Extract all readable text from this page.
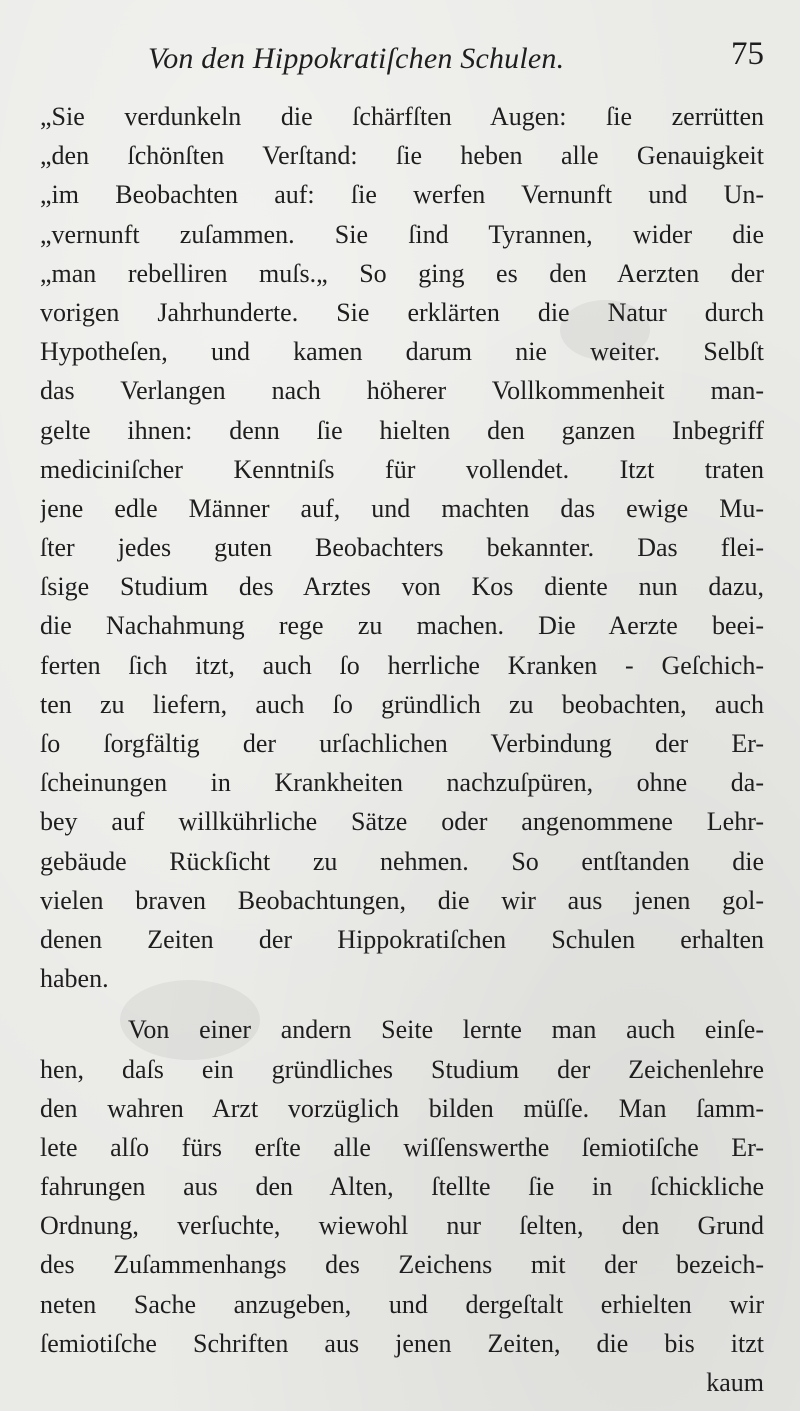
Von den Hippokratiſchen Schulen.	75
„Sie verdunkeln die ſchärfſten Augen: ſie zerrütten
„den ſchönſten Verſtand: ſie heben alle Genauigkeit
„im Beobachten auf: ſie werfen Vernunft und Un-
„vernunft zuſammen. Sie ſind Tyrannen, wider die
„man rebelliren muſs.„ So ging es den Aerzten der
vorigen Jahrhunderte. Sie erklärten die Natur durch
Hypotheſen, und kamen darum nie weiter. Selbſt
das Verlangen nach höherer Vollkommenheit man-
gelte ihnen: denn ſie hielten den ganzen Inbegriff
mediciniſcher Kenntniſs für vollendet. Itzt traten
jene edle Männer auf, und machten das ewige Mu-
ſter jedes guten Beobachters bekannter. Das flei-
ſsige Studium des Arztes von Kos diente nun dazu,
die Nachahmung rege zu machen. Die Aerzte beei-
ferten ſich itzt, auch ſo herrliche Kranken - Geſchich-
ten zu liefern, auch ſo gründlich zu beobachten, auch
ſo ſorgfältig der urſachlichen Verbindung der Er-
ſcheinungen in Krankheiten nachzuſpüren, ohne da-
bey auf willkührliche Sätze oder angenommene Lehr-
gebäude Rückſicht zu nehmen. So entſtanden die
vielen braven Beobachtungen, die wir aus jenen gol-
denen Zeiten der Hippokratiſchen Schulen erhalten
haben.
Von einer andern Seite lernte man auch einſe-
hen, daſs ein gründliches Studium der Zeichenlehre
den wahren Arzt vorzüglich bilden müſſe. Man ſamm-
lete alſo fürs erſte alle wiſſenswerthe ſemiotiſche Er-
fahrungen aus den Alten, ſtellte ſie in ſchickliche
Ordnung, verſuchte, wiewohl nur ſelten, den Grund
des Zuſammenhangs des Zeichens mit der bezeich-
neten Sache anzugeben, und dergeſtalt erhielten wir
ſemiotiſche Schriften aus jenen Zeiten, die bis itzt
kaum
